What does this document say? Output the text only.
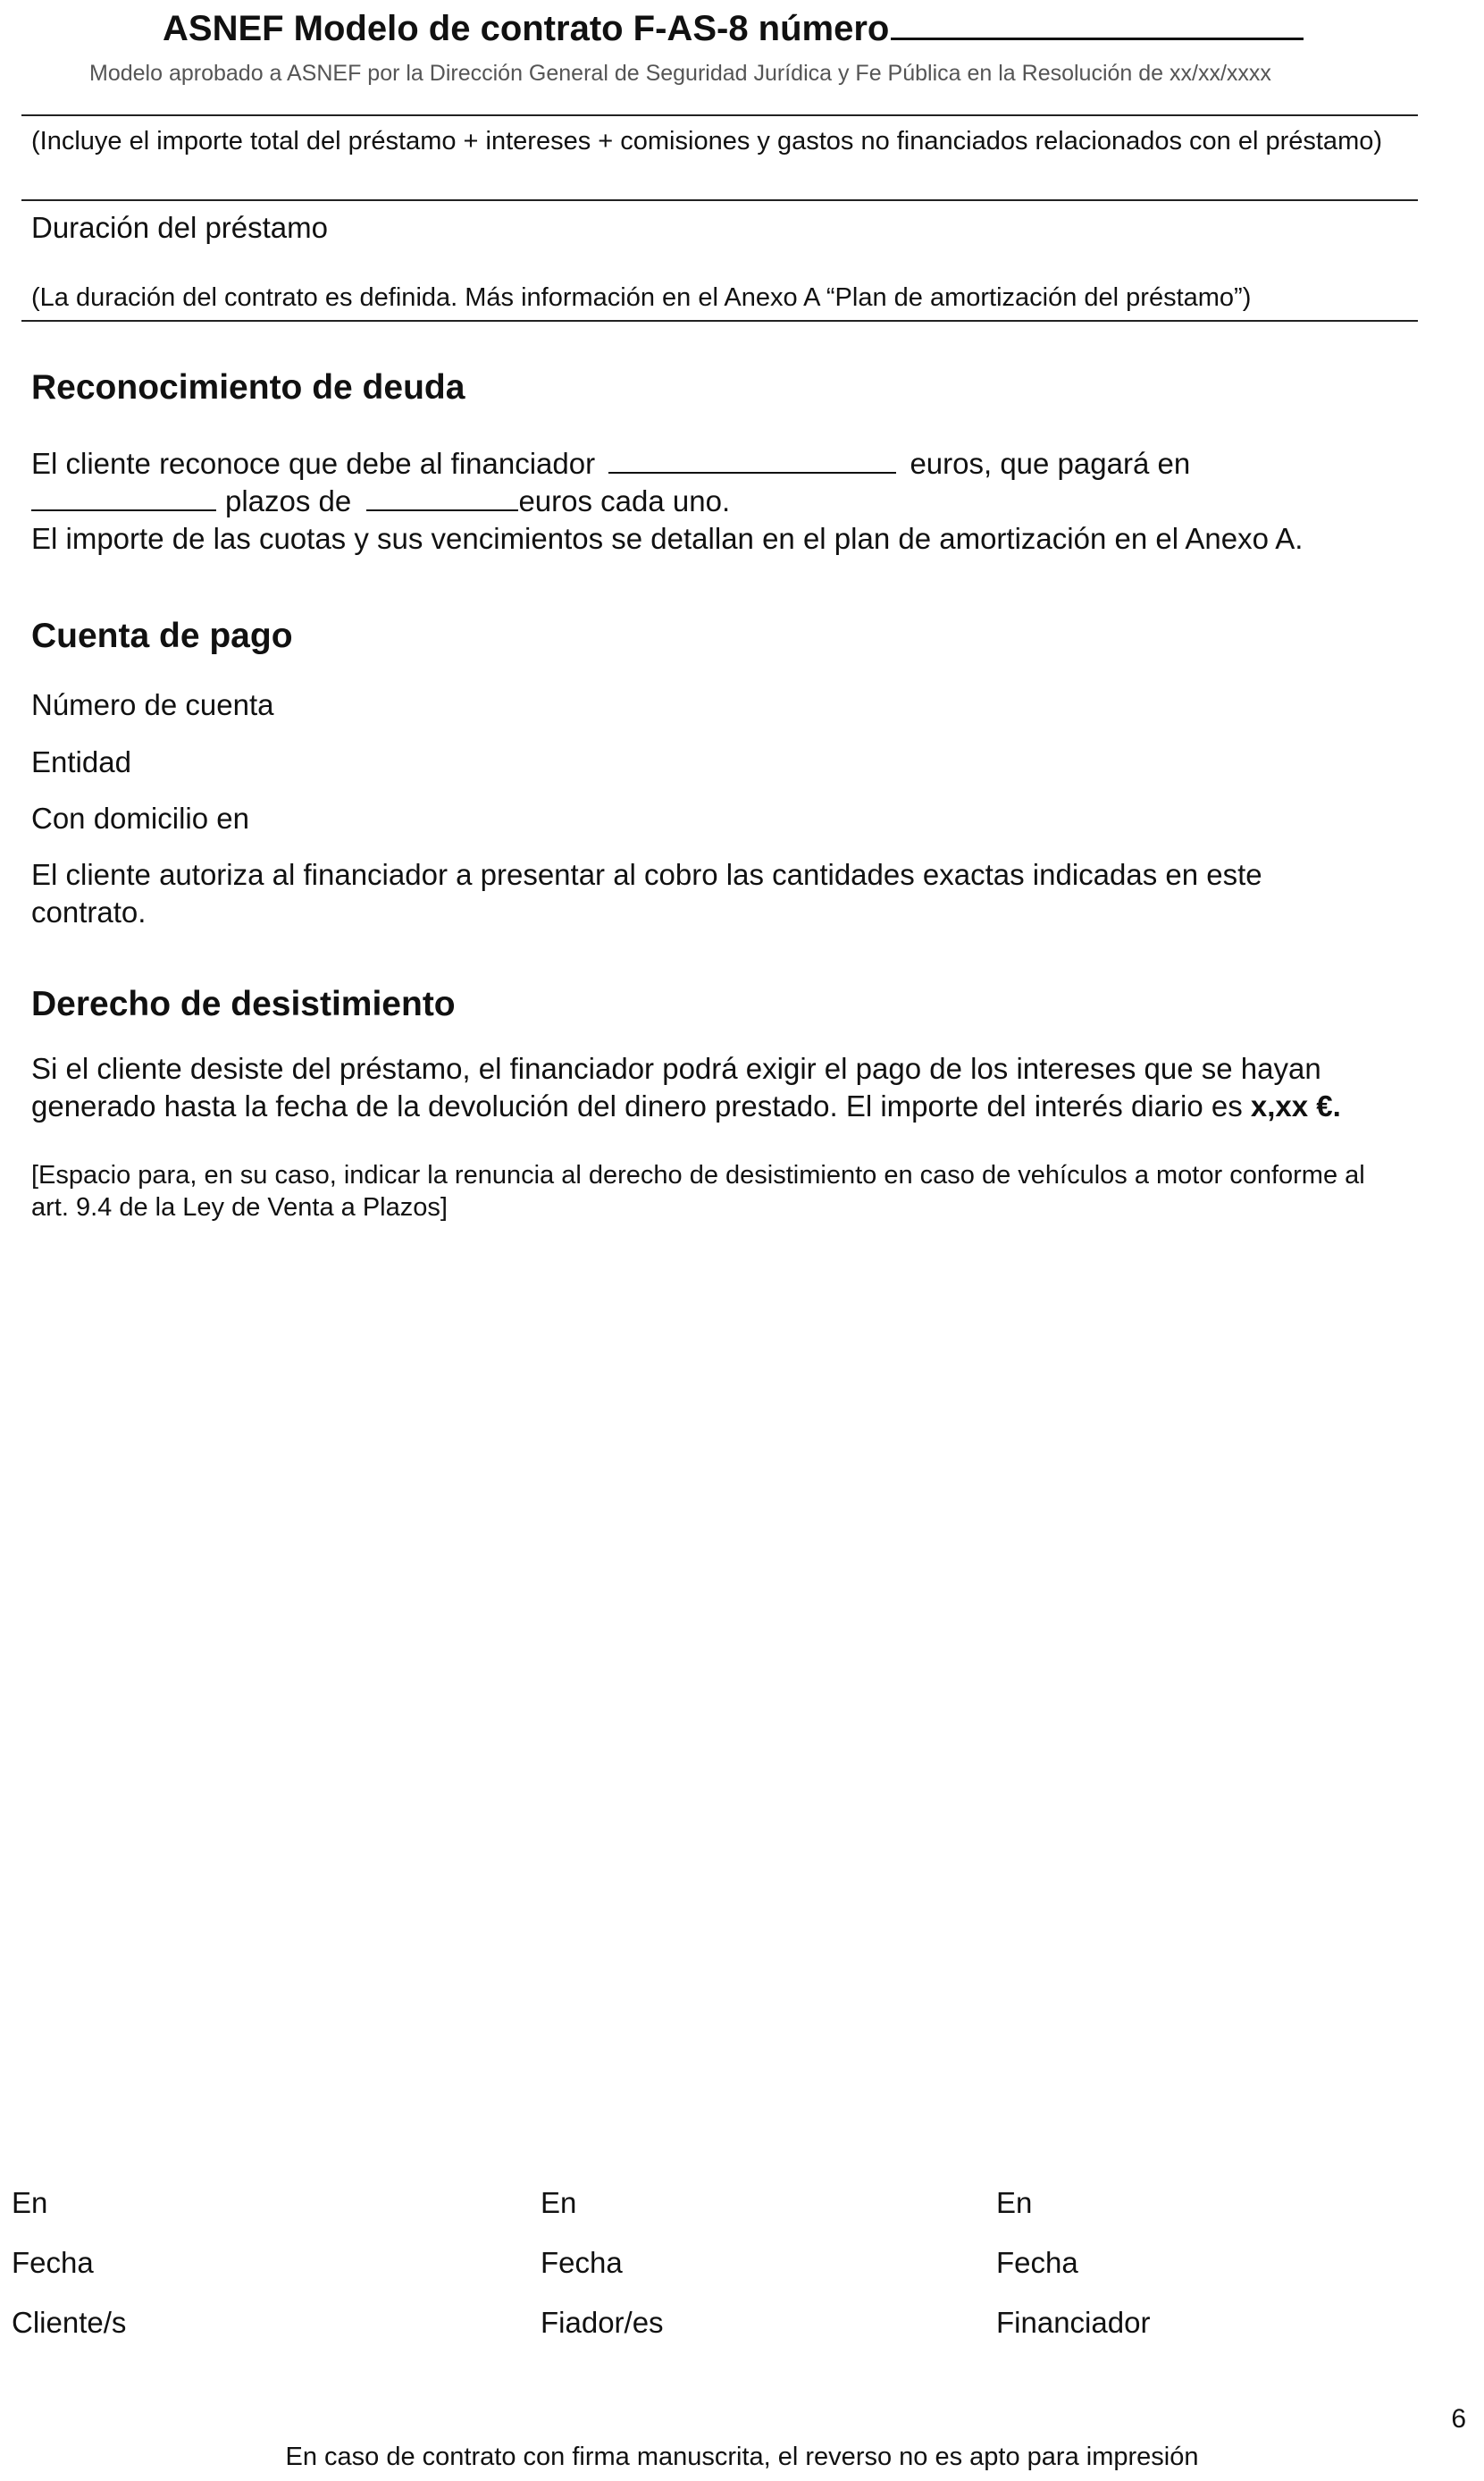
ASNEF Modelo de contrato F-AS-8 número
Modelo aprobado a ASNEF por la Dirección General de Seguridad Jurídica y Fe Pública en la Resolución de xx/xx/xxxx
(Incluye el importe total del préstamo + intereses + comisiones y gastos no financiados relacionados con el préstamo)
Duración del préstamo
(La duración del contrato es definida. Más información en el Anexo A “Plan de amortización del préstamo”)
Reconocimiento de deuda
El cliente reconoce que debe al financiador	euros, que pagará en
plazos de	euros cada uno.
El importe de las cuotas y sus vencimientos se detallan en el plan de amortización en el Anexo A.
Cuenta de pago
Número de cuenta
Entidad
Con domicilio en
El cliente autoriza al financiador a presentar al cobro las cantidades exactas indicadas en este contrato.
Derecho de desistimiento
Si el cliente desiste del préstamo, el financiador podrá exigir el pago de los intereses que se hayan generado hasta la fecha de la devolución del dinero prestado. El importe del interés diario es x,xx €.
[Espacio para, en su caso, indicar la renuncia al derecho de desistimiento en caso de vehículos a motor conforme al art. 9.4 de la Ley de Venta a Plazos]
En
Fecha
Cliente/s
En
Fecha
Fiador/es
En
Fecha
Financiador
6
En caso de contrato con firma manuscrita, el reverso no es apto para impresión
